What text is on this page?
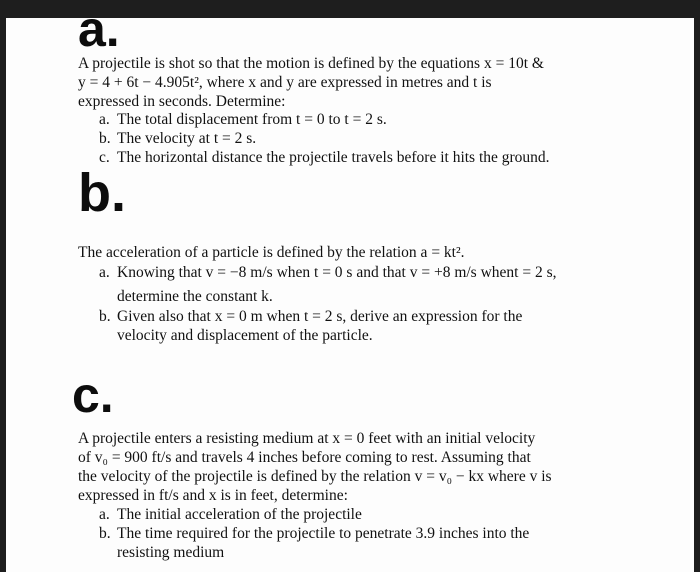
a.
A projectile is shot so that the motion is defined by the equations x = 10t &
y = 4 + 6t − 4.905t², where x and y are expressed in metres and t is
expressed in seconds. Determine:
a. The total displacement from t = 0 to t = 2 s.
b. The velocity at t = 2 s.
c. The horizontal distance the projectile travels before it hits the ground.
b.
The acceleration of a particle is defined by the relation a = kt².
a. Knowing that v = −8 m/s when t = 0 s and that v = +8 m/s whent = 2 s,
determine the constant k.
b. Given also that x = 0 m when t = 2 s, derive an expression for the
velocity and displacement of the particle.
c.
A projectile enters a resisting medium at x = 0 feet with an initial velocity
of v₀ = 900 ft/s and travels 4 inches before coming to rest. Assuming that
the velocity of the projectile is defined by the relation v = v₀ − kx where v is
expressed in ft/s and x is in feet, determine:
a. The initial acceleration of the projectile
b. The time required for the projectile to penetrate 3.9 inches into the
resisting medium
